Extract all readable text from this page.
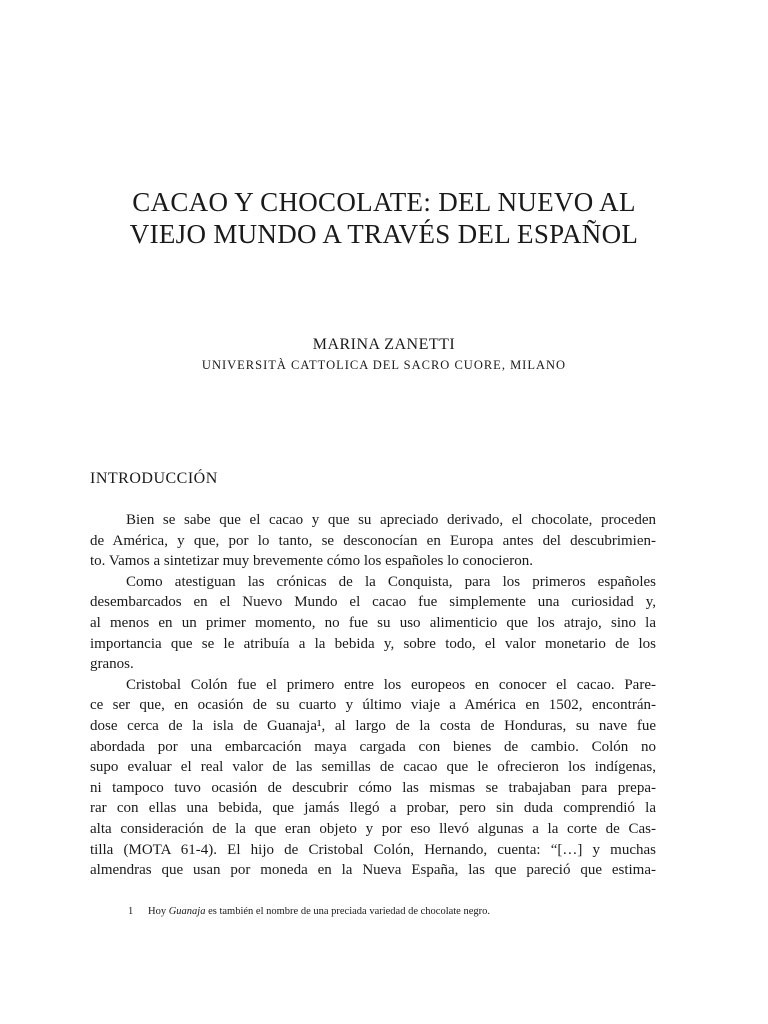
CACAO Y CHOCOLATE: DEL NUEVO AL
VIEJO MUNDO A TRAVÉS DEL ESPAÑOL
MARINA ZANETTI
UNIVERSITÀ CATTOLICA DEL SACRO CUORE, MILANO
INTRODUCCIÓN
Bien se sabe que el cacao y que su apreciado derivado, el chocolate, proceden
de América, y que, por lo tanto, se desconocían en Europa antes del descubrimien-
to. Vamos a sintetizar muy brevemente cómo los españoles lo conocieron.
Como atestiguan las crónicas de la Conquista, para los primeros españoles
desembarcados en el Nuevo Mundo el cacao fue simplemente una curiosidad y,
al menos en un primer momento, no fue su uso alimenticio que los atrajo, sino la
importancia que se le atribuía a la bebida y, sobre todo, el valor monetario de los
granos.
Cristobal Colón fue el primero entre los europeos en conocer el cacao. Pare-
ce ser que, en ocasión de su cuarto y último viaje a América en 1502, encontrán-
dose cerca de la isla de Guanaja¹, al largo de la costa de Honduras, su nave fue
abordada por una embarcación maya cargada con bienes de cambio. Colón no
supo evaluar el real valor de las semillas de cacao que le ofrecieron los indígenas,
ni tampoco tuvo ocasión de descubrir cómo las mismas se trabajaban para prepa-
rar con ellas una bebida, que jamás llegó a probar, pero sin duda comprendió la
alta consideración de la que eran objeto y por eso llevó algunas a la corte de Cas-
tilla (MOTA 61-4). El hijo de Cristobal Colón, Hernando, cuenta: “[…] y muchas
almendras que usan por moneda en la Nueva España, las que pareció que estima-
1 Hoy Guanaja es también el nombre de una preciada variedad de chocolate negro.
